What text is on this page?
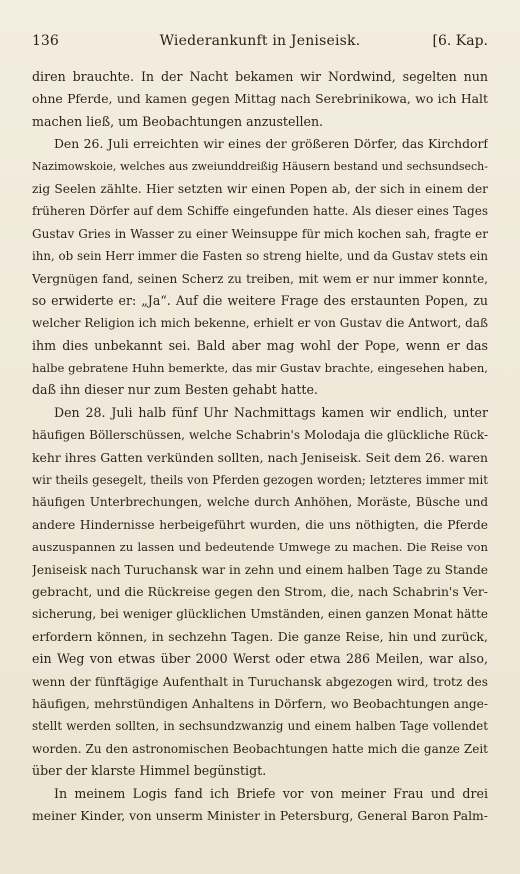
136	Wiederankunft in Jeniseisk.	[6. Kap.
diren brauchte. In der Nacht bekamen wir Nordwind, segelten nun
ohne Pferde, und kamen gegen Mittag nach Serebrinikowa, wo ich Halt
machen ließ, um Beobachtungen anzustellen.
Den 26. Juli erreichten wir eines der größeren Dörfer, das Kirchdorf
Nazimowskoie, welches aus zweiunddreißig Häusern bestand und sechsundsech-
zig Seelen zählte. Hier setzten wir einen Popen ab, der sich in einem der
früheren Dörfer auf dem Schiffe eingefunden hatte. Als dieser eines Tages
Gustav Gries in Wasser zu einer Weinsuppe für mich kochen sah, fragte er
ihn, ob sein Herr immer die Fasten so streng hielte, und da Gustav stets ein
Vergnügen fand, seinen Scherz zu treiben, mit wem er nur immer konnte,
so erwiderte er: „Ja“. Auf die weitere Frage des erstaunten Popen, zu
welcher Religion ich mich bekenne, erhielt er von Gustav die Antwort, daß
ihm dies unbekannt sei. Bald aber mag wohl der Pope, wenn er das
halbe gebratene Huhn bemerkte, das mir Gustav brachte, eingesehen haben,
daß ihn dieser nur zum Besten gehabt hatte.
Den 28. Juli halb fünf Uhr Nachmittags kamen wir endlich, unter
häufigen Böllerschüssen, welche Schabrin's Molodaja die glückliche Rück-
kehr ihres Gatten verkünden sollten, nach Jeniseisk. Seit dem 26. waren
wir theils gesegelt, theils von Pferden gezogen worden; letzteres immer mit
häufigen Unterbrechungen, welche durch Anhöhen, Moräste, Büsche und
andere Hindernisse herbeigeführt wurden, die uns nöthigten, die Pferde
auszuspannen zu lassen und bedeutende Umwege zu machen. Die Reise von
Jeniseisk nach Turuchansk war in zehn und einem halben Tage zu Stande
gebracht, und die Rückreise gegen den Strom, die, nach Schabrin's Ver-
sicherung, bei weniger glücklichen Umständen, einen ganzen Monat hätte
erfordern können, in sechzehn Tagen. Die ganze Reise, hin und zurück,
ein Weg von etwas über 2000 Werst oder etwa 286 Meilen, war also,
wenn der fünftägige Aufenthalt in Turuchansk abgezogen wird, trotz des
häufigen, mehrstündigen Anhaltens in Dörfern, wo Beobachtungen ange-
stellt werden sollten, in sechsundzwanzig und einem halben Tage vollendet
worden. Zu den astronomischen Beobachtungen hatte mich die ganze Zeit
über der klarste Himmel begünstigt.
In meinem Logis fand ich Briefe vor von meiner Frau und drei
meiner Kinder, von unserm Minister in Petersburg, General Baron Palm-
